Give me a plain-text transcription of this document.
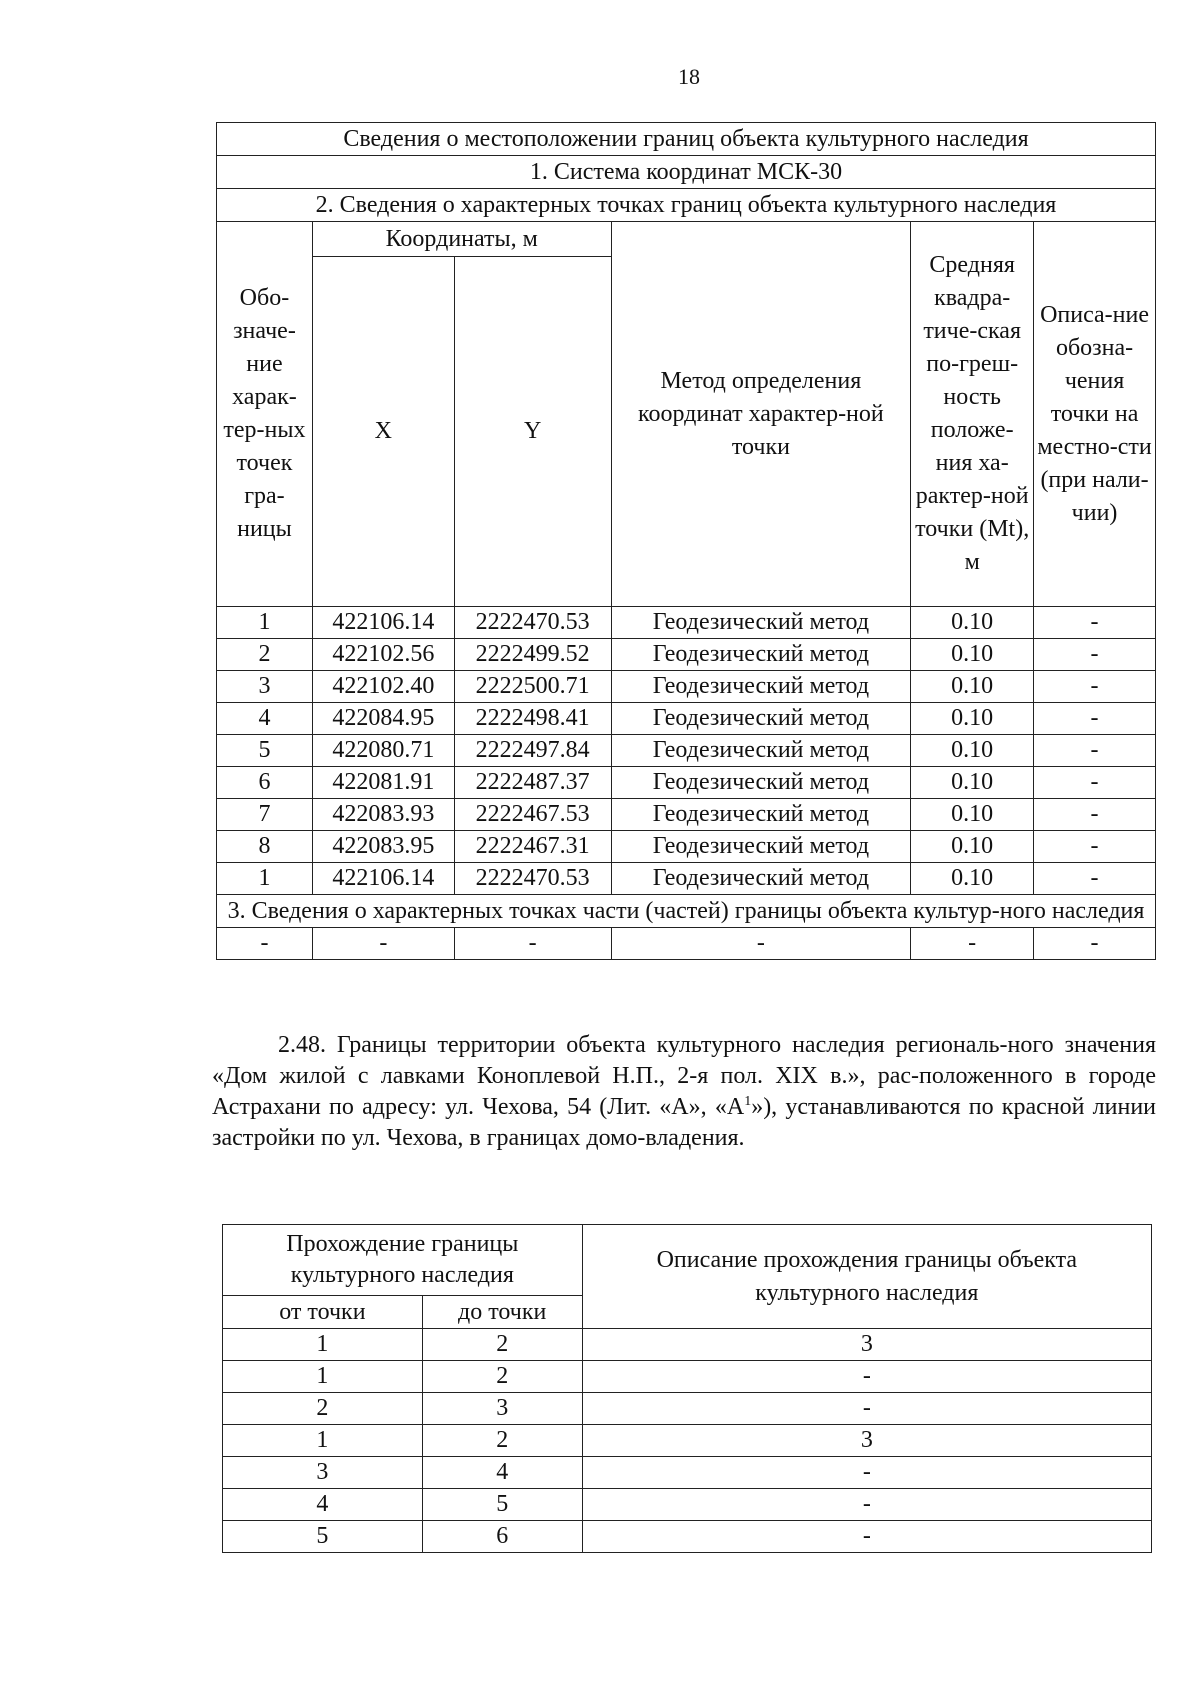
18
Сведения о местоположении границ объекта культурного наследия					
1. Система координат МСК-30					
2. Сведения о характерных точках границ объекта культурного наследия					
Обо-значе-ние харак-тер-ных точек гра-ницы	Координаты, м		Метод определения координат характер-ной точки	Средняя квадра-тиче-ская по-греш-ность положе-ния ха-рактер-ной точки (Mt), м	Описа-ние обозна-чения точки на местно-сти (при нали-чии)
	X	Y			
1	422106.14	2222470.53	Геодезический метод	0.10	-
2	422102.56	2222499.52	Геодезический метод	0.10	-
3	422102.40	2222500.71	Геодезический метод	0.10	-
4	422084.95	2222498.41	Геодезический метод	0.10	-
5	422080.71	2222497.84	Геодезический метод	0.10	-
6	422081.91	2222487.37	Геодезический метод	0.10	-
7	422083.93	2222467.53	Геодезический метод	0.10	-
8	422083.95	2222467.31	Геодезический метод	0.10	-
1	422106.14	2222470.53	Геодезический метод	0.10	-
3. Сведения о характерных точках части (частей) границы объекта культур-ного наследия					
-	-	-	-	-	-

2.48. Границы территории объекта культурного наследия региональ-ного значения «Дом жилой с лавками Коноплевой Н.П., 2-я пол. XIX в.», рас-положенного в городе Астрахани по адресу: ул. Чехова, 54 (Лит. «А», «$А^1$»), устанавливаются по красной линии застройки по ул. Чехова, в границах домо-владения.

Прохождение границы культурного наследия		Описание прохождения границы объекта культурного наследия
от точки	до точки	
1	2	3
1	2	-
2	3	-
1	2	3
3	4	-
4	5	-
5	6	-
